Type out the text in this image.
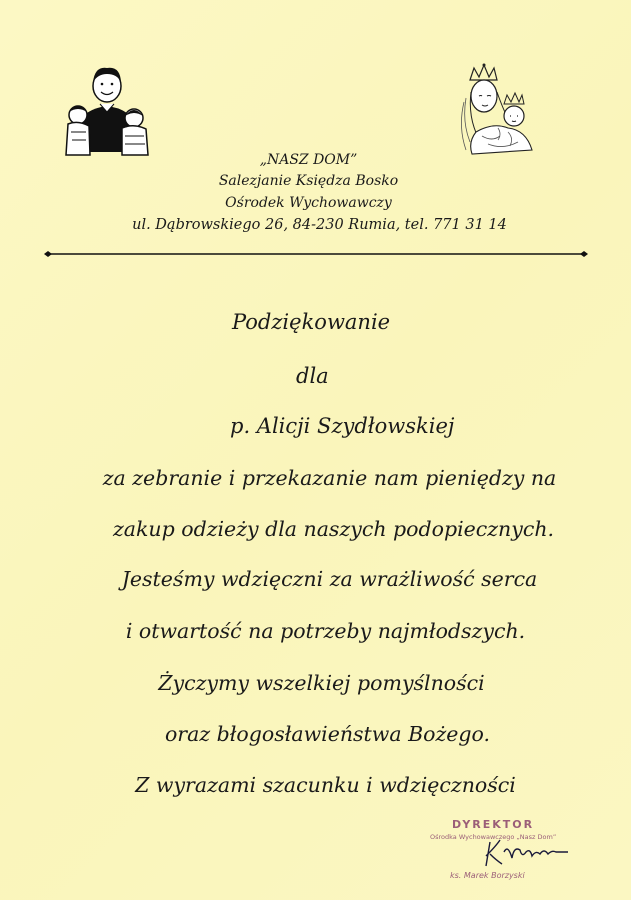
„NASZ DOM”
Salezjanie Księdza Bosko
Ośrodek Wychowawczy
ul. Dąbrowskiego 26, 84-230 Rumia, tel. 771 31 14
Podziękowanie
dla
p. Alicji Szydłowskiej
za zebranie i przekazanie nam pieniędzy na
zakup odzieży dla naszych podopiecznych.
Jesteśmy wdzięczni za wrażliwość serca
i otwartość na potrzeby najmłodszych.
Życzymy wszelkiej pomyślności
oraz błogosławieństwa Bożego.
Z wyrazami szacunku i wdzięczności
DYREKTOR
Ośrodka Wychowawczego „Nasz Dom”
ks. Marek Borzyski
